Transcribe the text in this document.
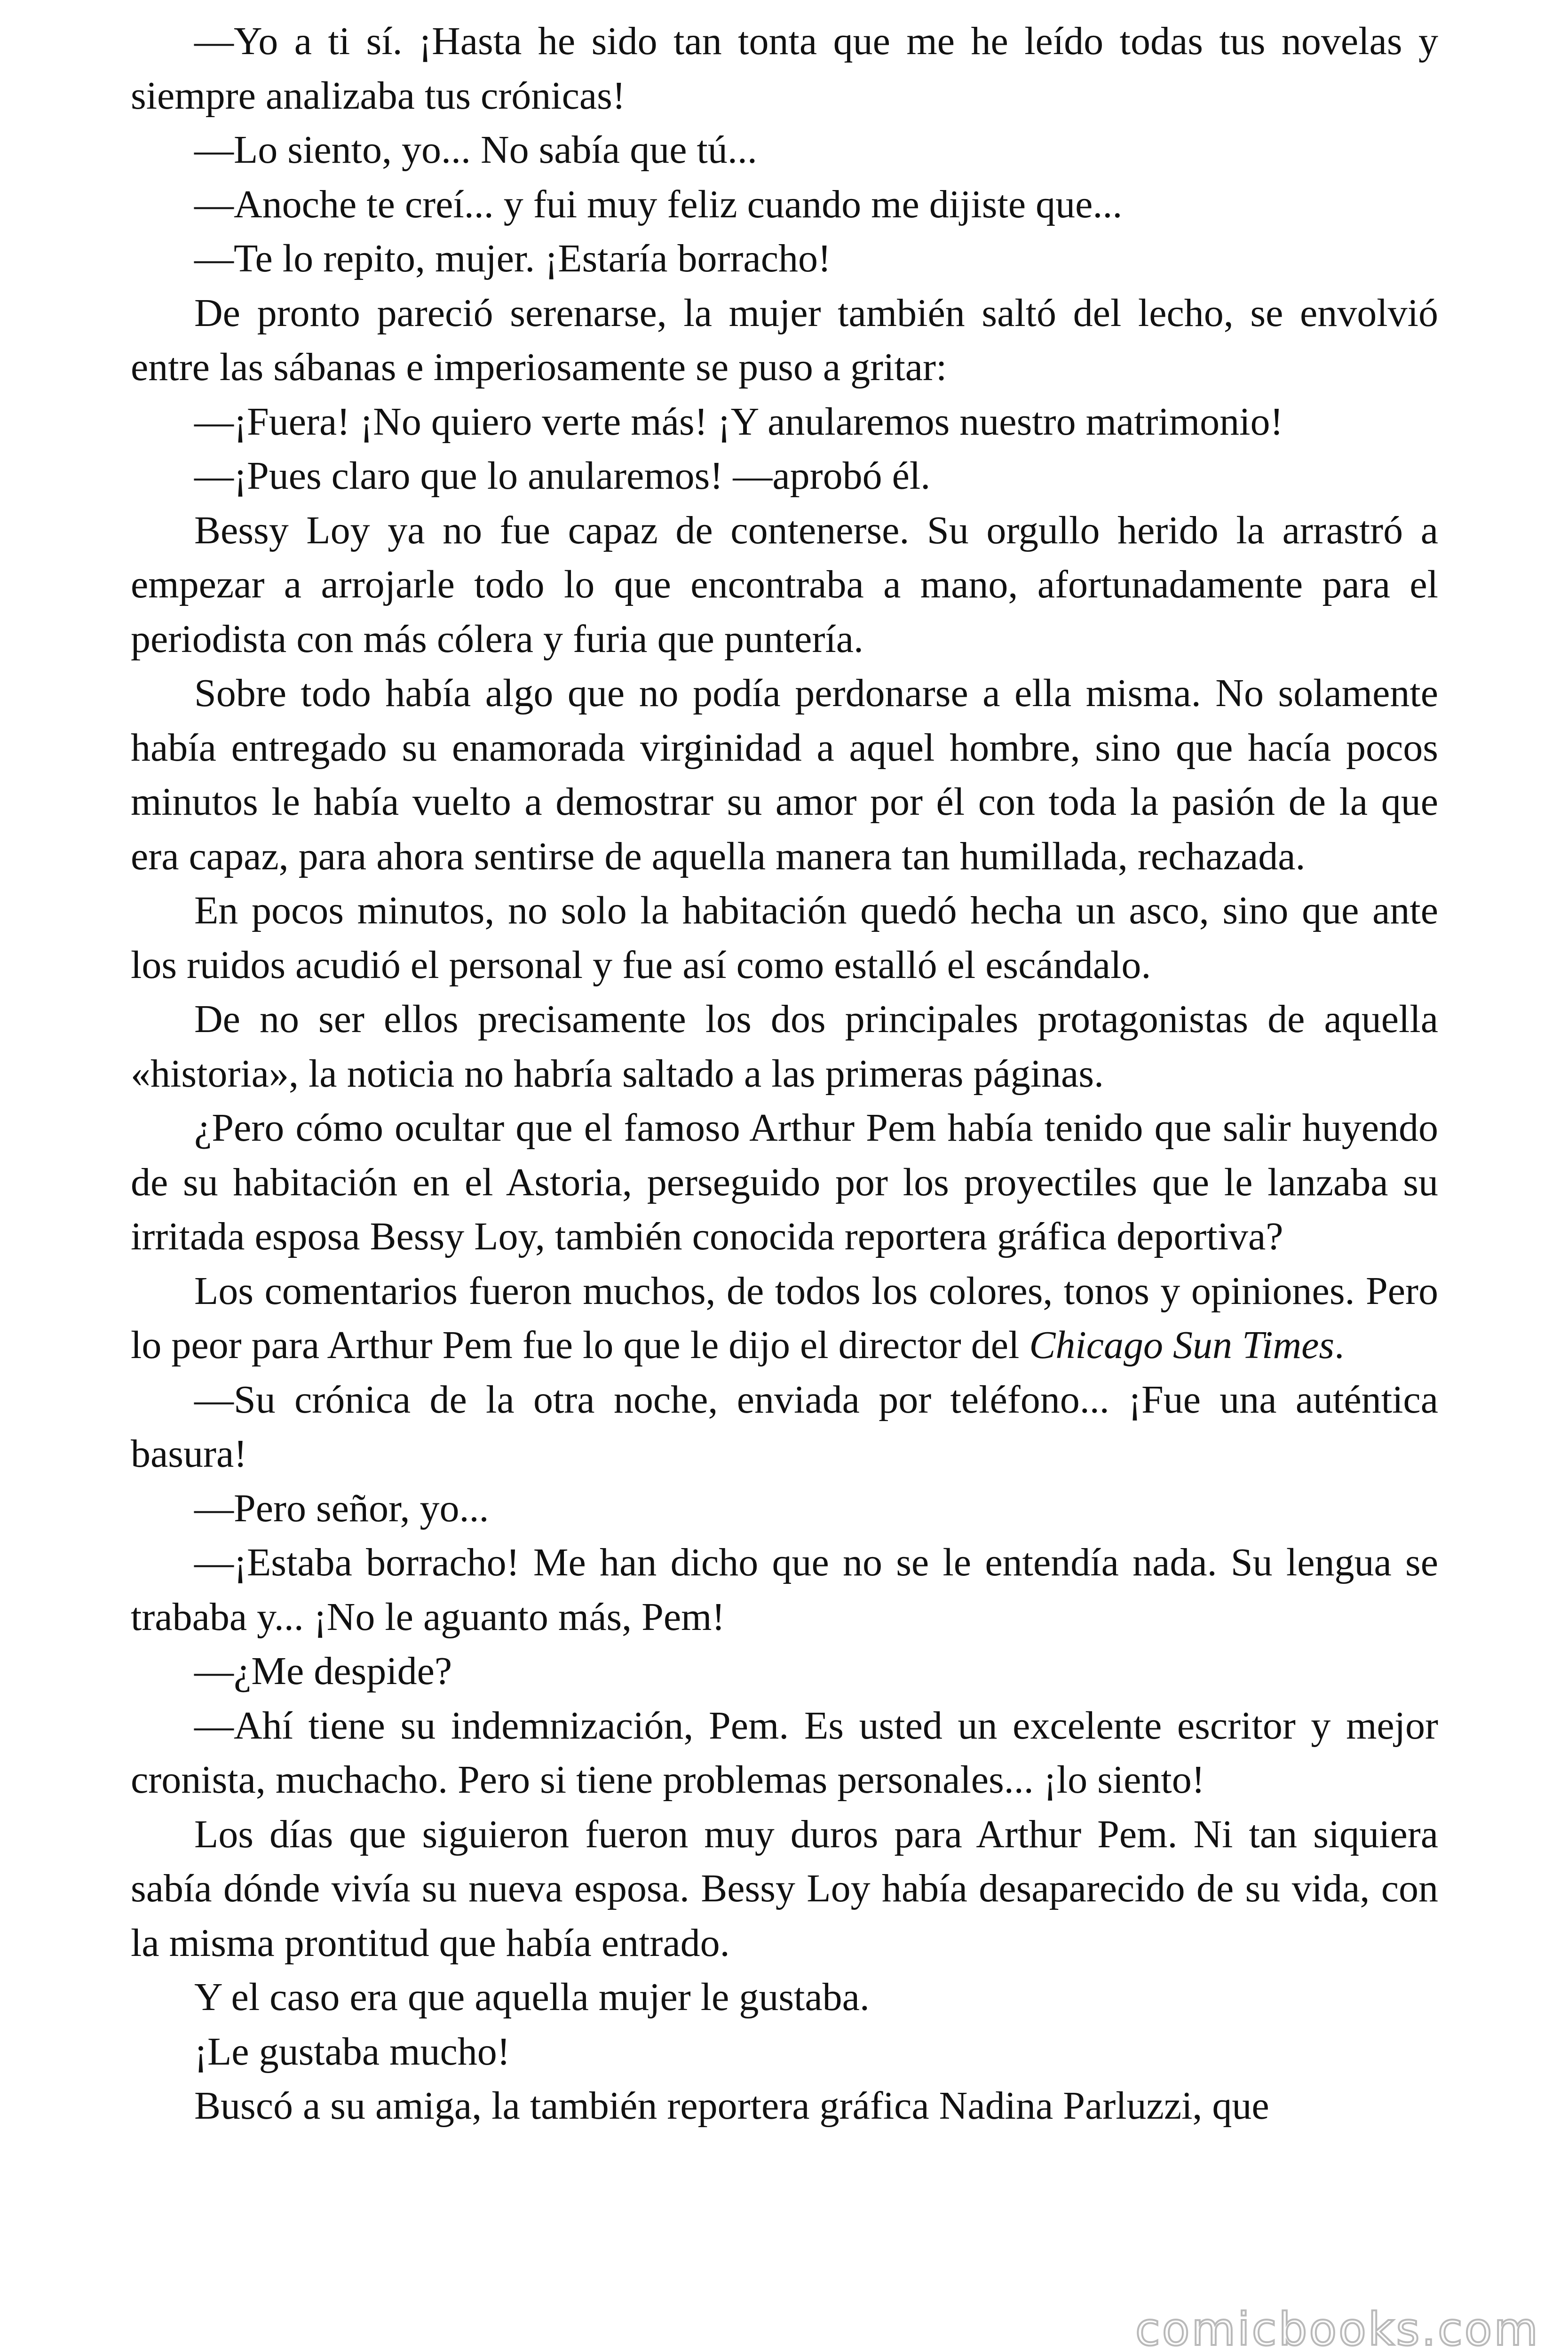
—Yo a ti sí. ¡Hasta he sido tan tonta que me he leído todas tus novelas y siempre analizaba tus crónicas!

—Lo siento, yo... No sabía que tú...

—Anoche te creí... y fui muy feliz cuando me dijiste que...

—Te lo repito, mujer. ¡Estaría borracho!

De pronto pareció serenarse, la mujer también saltó del lecho, se envolvió entre las sábanas e imperiosamente se puso a gritar:

—¡Fuera! ¡No quiero verte más! ¡Y anularemos nuestro matrimonio!

—¡Pues claro que lo anularemos! —aprobó él.

Bessy Loy ya no fue capaz de contenerse. Su orgullo herido la arrastró a empezar a arrojarle todo lo que encontraba a mano, afortunadamente para el periodista con más cólera y furia que puntería.

Sobre todo había algo que no podía perdonarse a ella misma. No solamente había entregado su enamorada virginidad a aquel hombre, sino que hacía pocos minutos le había vuelto a demostrar su amor por él con toda la pasión de la que era capaz, para ahora sentirse de aquella manera tan humillada, rechazada.

En pocos minutos, no solo la habitación quedó hecha un asco, sino que ante los ruidos acudió el personal y fue así como estalló el escándalo.

De no ser ellos precisamente los dos principales protagonistas de aquella «historia», la noticia no habría saltado a las primeras páginas.

¿Pero cómo ocultar que el famoso Arthur Pem había tenido que salir huyendo de su habitación en el Astoria, perseguido por los proyectiles que le lanzaba su irritada esposa Bessy Loy, también conocida reportera gráfica deportiva?

Los comentarios fueron muchos, de todos los colores, tonos y opiniones. Pero lo peor para Arthur Pem fue lo que le dijo el director del Chicago Sun Times.

—Su crónica de la otra noche, enviada por teléfono... ¡Fue una auténtica basura!

—Pero señor, yo...

—¡Estaba borracho! Me han dicho que no se le entendía nada. Su lengua se trababa y... ¡No le aguanto más, Pem!

—¿Me despide?

—Ahí tiene su indemnización, Pem. Es usted un excelente escritor y mejor cronista, muchacho. Pero si tiene problemas personales... ¡lo siento!

Los días que siguieron fueron muy duros para Arthur Pem. Ni tan siquiera sabía dónde vivía su nueva esposa. Bessy Loy había desaparecido de su vida, con la misma prontitud que había entrado.

Y el caso era que aquella mujer le gustaba.

¡Le gustaba mucho!

Buscó a su amiga, la también reportera gráfica Nadina Parluzzi, que

comicbooks.com
